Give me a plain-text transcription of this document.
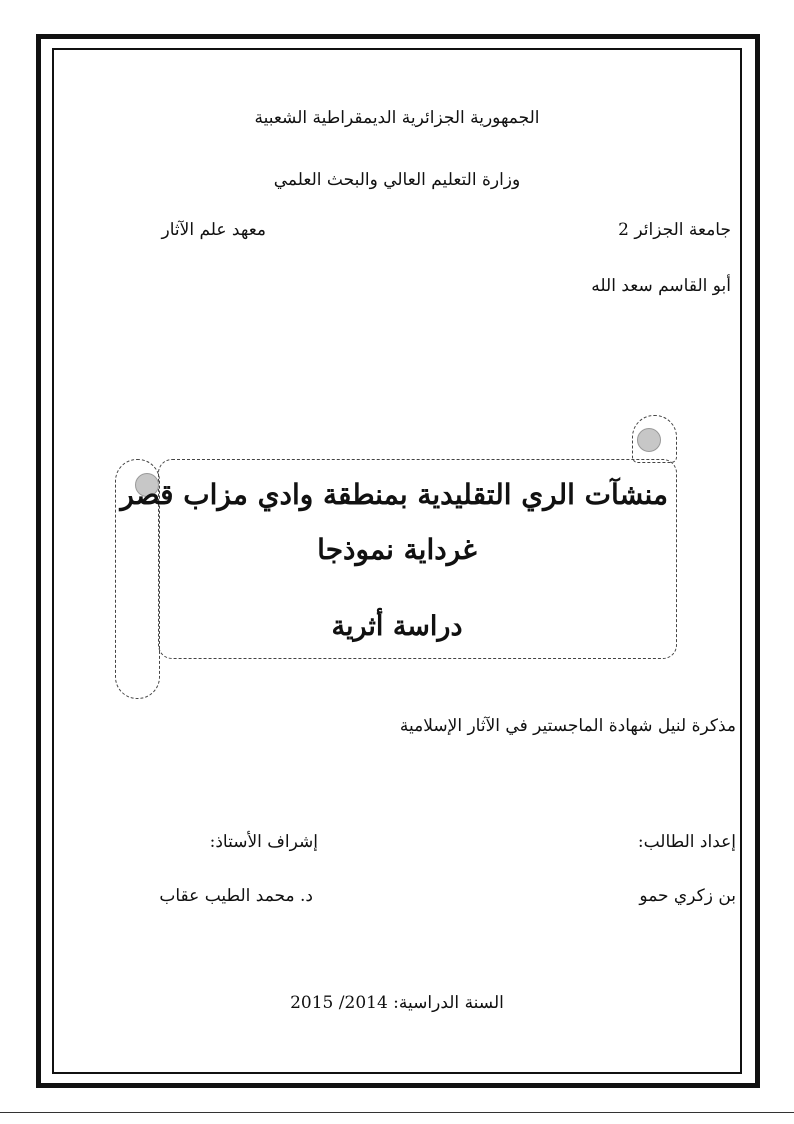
الجمهورية الجزائرية الديمقراطية الشعبية
وزارة التعليم العالي والبحث العلمي
جامعة الجزائر 2
معهد علم الآثار
أبو القاسم سعد الله
منشآت الري التقليدية بمنطقة وادي مزاب قصر
غرداية نموذجا
دراسة أثرية
مذكرة لنيل شهادة الماجستير في الآثار الإسلامية
إعداد الطالب:
إشراف الأستاذ:
بن زكري حمو
د. محمد الطيب عقاب
السنة الدراسية: 2014/ 2015
